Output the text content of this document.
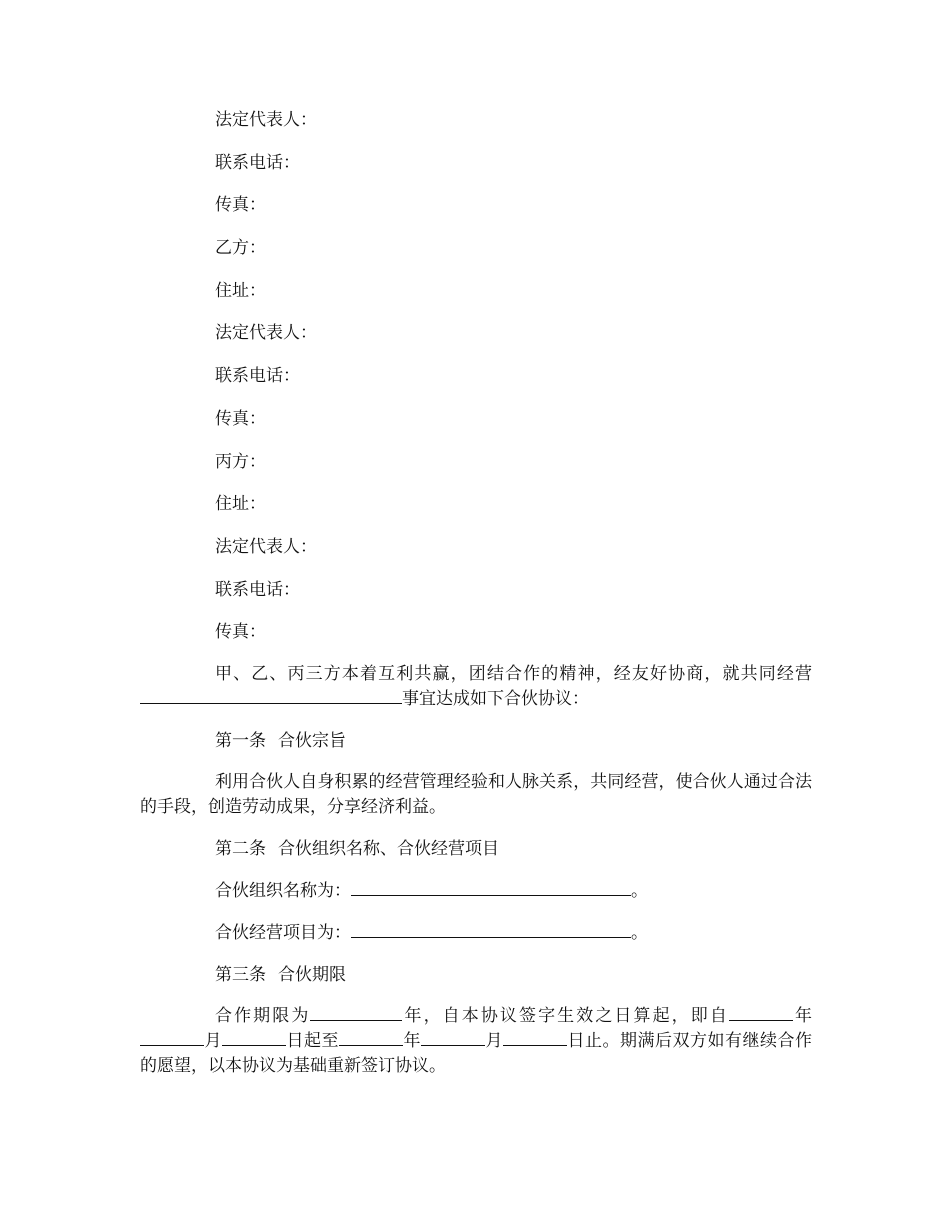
法定代表人：
联系电话：
传真：
乙方：
住址：
法定代表人：
联系电话：
传真：
丙方：
住址：
法定代表人：
联系电话：
传真：
甲、乙、丙三方本着互利共赢，团结合作的精神，经友好协商，就共同经营事宜达成如下合伙协议：
第一条 合伙宗旨
利用合伙人自身积累的经营管理经验和人脉关系，共同经营，使合伙人通过合法的手段，创造劳动成果，分享经济利益。
第二条 合伙组织名称、合伙经营项目
合伙组织名称为：	。
合伙经营项目为：	。
第三条 合伙期限
合作期限为	年，自本协议签字生效之日算起，即自	年月	日起至	年	月	日止。期满后双方如有继续合作的愿望，以本协议为基础重新签订协议。
